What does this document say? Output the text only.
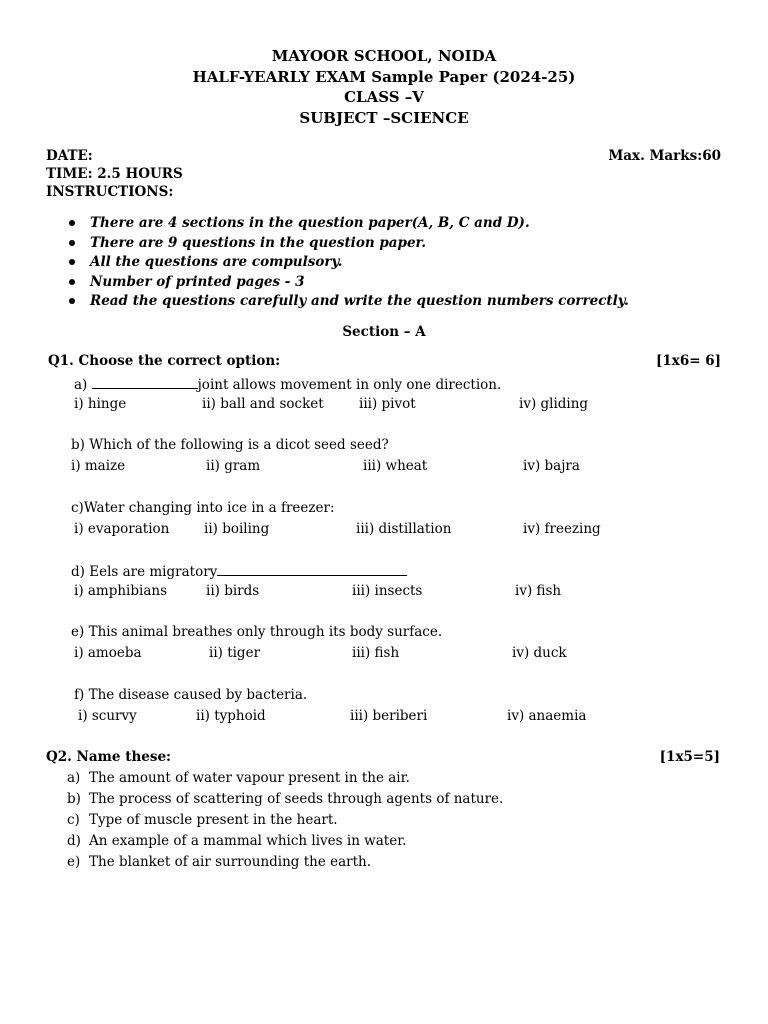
MAYOOR SCHOOL, NOIDA
HALF-YEARLY EXAM Sample Paper (2024-25)
CLASS –V
SUBJECT –SCIENCE
DATE:	Max. Marks:60
TIME: 2.5 HOURS
INSTRUCTIONS:
There are 4 sections in the question paper(A, B, C and D).
There are 9 questions in the question paper.
All the questions are compulsory.
Number of printed pages - 3
Read the questions carefully and write the question numbers correctly.
Section – A
Q1. Choose the correct option:	[1x6= 6]
a)	joint allows movement in only one direction.
i) hinge	ii) ball and socket	iii) pivot	iv) gliding
b) Which of the following is a dicot seed seed?
i) maize	ii) gram	iii) wheat	iv) bajra
c)Water changing into ice in a freezer:
i) evaporation	ii) boiling	iii) distillation	iv) freezing
d) Eels are migratory
i) amphibians	ii) birds	iii) insects	iv) fish
e) This animal breathes only through its body surface.
i) amoeba	ii) tiger	iii) fish	iv) duck
f) The disease caused by bacteria.
i) scurvy	ii) typhoid	iii) beriberi	iv) anaemia
Q2. Name these:	[1x5=5]
a) The amount of water vapour present in the air.
b) The process of scattering of seeds through agents of nature.
c) Type of muscle present in the heart.
d) An example of a mammal which lives in water.
e) The blanket of air surrounding the earth.
